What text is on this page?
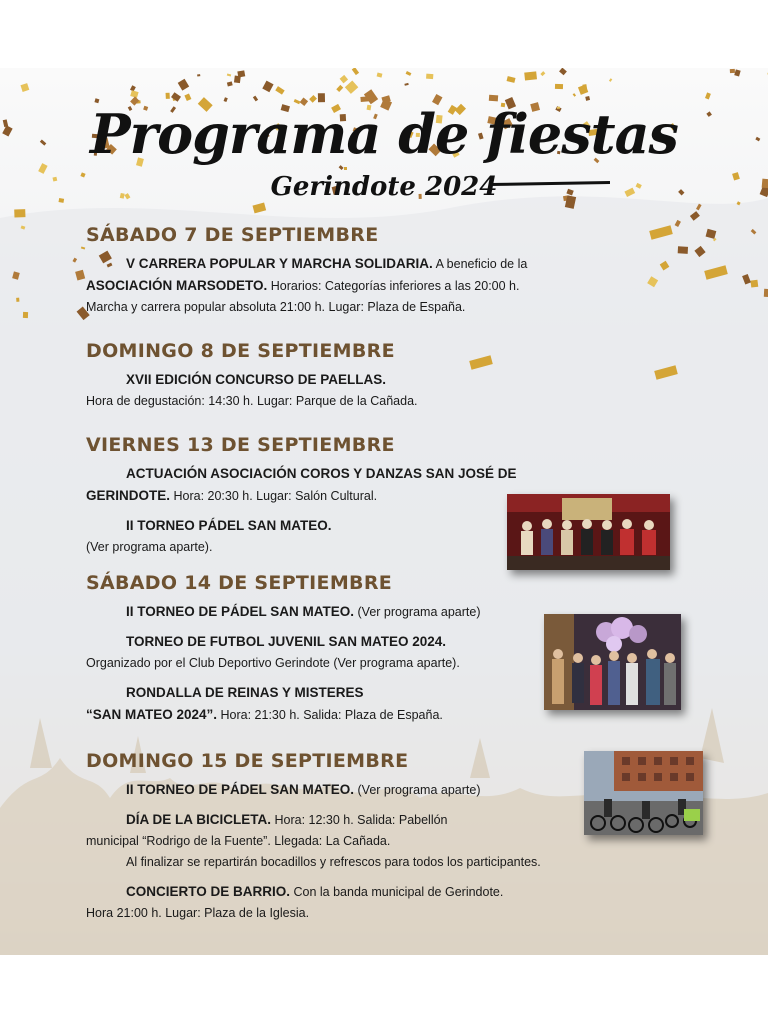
Programa de fiestas
Gerindote 2024
SÁBADO 7 DE SEPTIEMBRE
V CARRERA POPULAR Y MARCHA SOLIDARIA. A beneficio de la
ASOCIACIÓN MARSODETO. Horarios: Categorías inferiores a las 20:00 h.
Marcha y carrera popular absoluta 21:00 h. Lugar: Plaza de España.
DOMINGO 8 DE SEPTIEMBRE
XVII EDICIÓN CONCURSO DE PAELLAS.
Hora de degustación: 14:30 h. Lugar: Parque de la Cañada.
VIERNES 13 DE SEPTIEMBRE
ACTUACIÓN ASOCIACIÓN COROS Y DANZAS SAN JOSÉ DE
GERINDOTE. Hora: 20:30 h. Lugar: Salón Cultural.
II TORNEO PÁDEL SAN MATEO.
(Ver programa aparte).
SÁBADO 14 DE SEPTIEMBRE
II TORNEO DE PÁDEL SAN MATEO. (Ver programa aparte)
TORNEO DE FUTBOL JUVENIL SAN MATEO 2024.
Organizado por el Club Deportivo Gerindote (Ver programa aparte).
RONDALLA DE REINAS Y MISTERES
“SAN MATEO 2024”. Hora: 21:30 h. Salida: Plaza de España.
DOMINGO 15 DE SEPTIEMBRE
II TORNEO DE PÁDEL SAN MATEO. (Ver programa aparte)
DÍA DE LA BICICLETA. Hora: 12:30 h. Salida: Pabellón
municipal “Rodrigo de la Fuente”. Llegada: La Cañada.
Al finalizar se repartirán bocadillos y refrescos para todos los participantes.
CONCIERTO DE BARRIO. Con la banda municipal de Gerindote.
Hora 21:00 h. Lugar: Plaza de la Iglesia.
